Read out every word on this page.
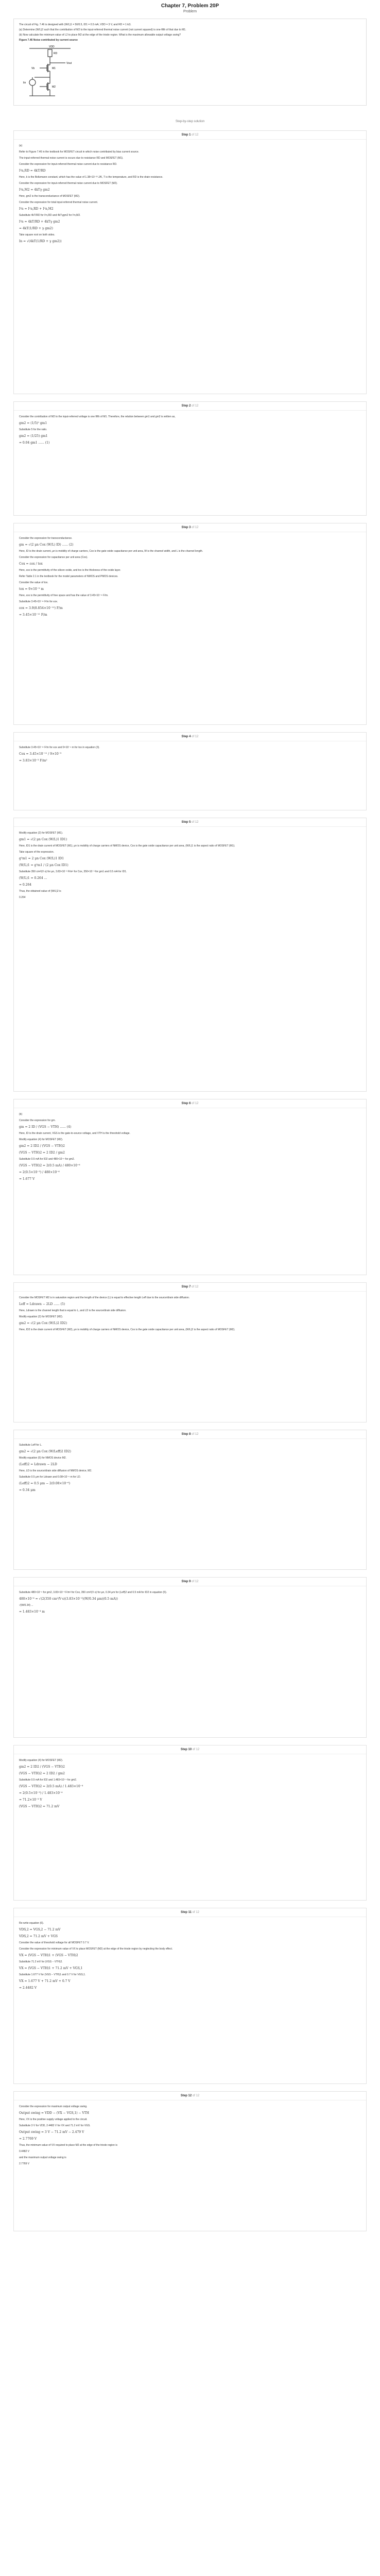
Chapter 7, Problem 20P
Problem

The circuit of Fig. 7.46 is designed with (W/L)1 = 50/0.5, ID1 = 0.5 mA, VDD = 3 V, and RD = 1 kΩ.

(a) Determine (W/L)2 such that the contribution of M2 to the input-referred thermal noise current (not current squared) is one-fifth of that due to M1.

(b) Now calculate the minimum value of L2 to place M2 at the edge of the triode region. What is the maximum allowable output voltage swing?

Figure 7.46 Noise contributed by current source

VDD
RD
Vout
M1
Vb
Iin
M2
Step-by-step solution
Step 1 of 12

(a)

Refer to Figure 7.46 in the textbook for MOSFET circuit in which noise contributed by bias current source.

The input-referred thermal noise current is occurs due to resistance RD and MOSFET (M1).

Consider the expression for input-referred thermal noise current due to resistance RD.

I²n,RD = 4kT/RD

Here, k is the Boltzmann constant, which has the value of 1.38×10⁻²³ J/K, T is the temperature, and RD is the drain resistance.

Consider the expression for input-referred thermal noise current due to MOSFET (M2).

I²n,M2 = 4kTγ gm2

Here, gm2 is the transconductance of MOSFET (M2).

Consider the expression for total input-referred thermal noise current.

I²n = I²n,RD + I²n,M2

Substitute 4kT/RD for I²n,RD and 4kTγgm2 for I²n,M2.

I²n = 4kT/RD + 4kTγ gm2

= 4kT(1/RD + γ gm2)

Take square root on both sides.

In = √(4kT(1/RD + γ gm2))

Step 2 of 12

Consider the contribution of M2 to the input-referred voltage is one fifth of M1. Therefore, the relation between gm1 and gm2 is written as,

gm2 = (1/5)² gm1

Substitute 5 for the ratio.

gm2 = (1/25) gm1

= 0.04 gm1 ...... (1)

Step 3 of 12

Consider the expression for transconductance.

gm = √(2 μn Cox (W/L) ID) ...... (2)

Here, ID is the drain current, μn is mobility of charge carriers, Cox is the gate oxide capacitance per unit area, W is the channel width, and L is the channel length.

Consider the expression for capacitance per unit area (Cox).

Cox = εox / tox

Here, εox is the permittivity of the silicon oxide, and tox is the thickness of the oxide layer.

Refer Table 2.1 in the textbook for the model parameters of NMOS and PMOS devices.

Consider the value of tox.

tox = 9×10⁻⁹ m

Here, εox is the permittivity of free space and has the value of 3.45×10⁻¹¹ F/m.

Substitute 3.45×10⁻¹¹ F/m for εox.

εox = 3.9(8.854×10⁻¹²) F/m

= 3.45×10⁻¹¹ F/m

Step 4 of 12

Substitute 3.45×10⁻¹¹ F/m for εox and 9×10⁻⁹ m for tox in equation (3).

Cox = 3.45×10⁻¹¹ / 9×10⁻⁹

= 3.83×10⁻³ F/m²

Step 5 of 12

Modify equation (2) for MOSFET (M1).

gm1 = √(2 μn Cox (W/L)1 ID1)

Here, ID1 is the drain current of MOSFET (M1), μn is mobility of charge carriers of NMOS device, Cox is the gate oxide capacitance per unit area, (W/L)1 is the aspect ratio of MOSFET (M1).

Take square of the expression.

g²m1 = 2 μn Cox (W/L)1 ID1

(W/L)1 = g²m1 / (2 μn Cox ID1)

Substitute 350 cm²/(V·s) for μn, 3.83×10⁻³ F/m² for Cox, 350×10⁻³ for gm1 and 0.5 mA for ID1.

(W/L)1 = 0.264 ...

= 0.264

Thus, the obtained value of (W/L)2 is

0.264

Step 6 of 12

(b)

Consider the expression for gm.

gm = 2 ID / (VGS − VTH) ...... (4)

Here, ID is the drain current, VGS is the gate-to-source voltage, and VTH is the threshold voltage.

Modify equation (4) for MOSFET (M2).

gm2 = 2 ID2 / (VGS − VTH)2

(VGS − VTH)2 = 2 ID2 / gm2

Substitute 0.5 mA for ID2 and 480×10⁻⁶ for gm2.

(VGS − VTH)2 = 2(0.5 mA) / 480×10⁻⁶

= 2(0.5×10⁻³) / 480×10⁻⁶

= 1.677 V

Step 7 of 12

Consider the MOSFET M2 is in saturation region and the length of the device (L) is equal to effective length Leff due to the source/drain side diffusion.

Leff = Ldrawn − 2LD ...... (5)

Here, Ldrawn is the channel length that is equal to L, and LD is the source/drain side diffusion.

Modify equation (2) for MOSFET (M2).

gm2 = √(2 μn Cox (W/L)2 ID2)

Here, ID2 is the drain current of MOSFET (M2), μn is mobility of charge carriers of NMOS device, Cox is the gate oxide capacitance per unit area, (W/L)2 is the aspect ratio of MOSFET (M2).

Step 8 of 12

Substitute Leff for L.

gm2 = √(2 μn Cox (W/Leff)2 ID2)

Modify equation (5) for NMOS device M2.

(Leff)2 = Ldrawn − 2LD

Here, LD is the source/drain side diffusion of NMOS device, M2.

Substitute 0.5 μm for Ldrawn and 0.08×10⁻⁶ m for LD.

(Leff)2 = 0.5 μm − 2(0.08×10⁻⁶)

= 0.34 μm

Step 9 of 12

Substitute 480×10⁻⁶ for gm2, 3.83×10⁻³ F/m² for Cox, 350 cm²/(V·s) for μn, 0.34 μm for (Leff)2 and 0.5 mA for ID2 in equation (5).

480×10⁻⁶ = √(2(350 cm²/V·s)(3.83×10⁻³)(W/0.34 μm)(0.5 mA))

√(W/0.34) ...

= 1.483×10⁻⁴ m

Step 10 of 12

Modify equation (4) for MOSFET (M2).

gm2 = 2 ID2 / (VGS − VTH)2

(VGS − VTH)2 = 2 ID2 / gm2

Substitute 0.5 mA for ID2 and 1.483×10⁻⁴ for gm2.

(VGS − VTH)2 = 2(0.5 mA) / 1.483×10⁻⁴

= 2(0.5×10⁻³) / 1.483×10⁻⁴

= 71.2×10⁻³ V

(VGS − VTH)2 = 71.2 mV

Step 11 of 12

Re-write equation (6).

VDS,2 = VGS,2 − 71.2 mV

VDS,2 = 71.2 mV + VGS

Consider the value of threshold voltage for all MOSFET 0.7 V.

Consider the expression for minimum value of VX to place MOSFET (M2) at the edge of the triode region by neglecting the body effect.

VX = (VGS − VTH)1 + (VGS − VTH)2

Substitute 71.2 mV for (VGS − VTH)2.

VX = (VGS − VTH)1 + 71.2 mV + VGS,1

Substitute 1.677 V for (VGS − VTH)1 and 0.7 V for VGS,1.

VX = 1.677 V + 71.2 mV + 0.7 V

= 2.4482 V

Step 12 of 12

Consider the expression for maximum output voltage swing.

Output swing = VDD − (VX − VGS,1) − VTH

Here, VX is the positive supply voltage applied to the circuit.

Substitute 3 V for VDD, 2.4482 V for VX and 71.2 mV for VGS.

Output swing = 3 V − 71.2 mV − 2.479 V

= 2.7769 V

Thus, the minimum value of VX required to place M2 at the edge of the triode region is

0.4482 V

and the maximum output voltage swing is

2.7769 V
